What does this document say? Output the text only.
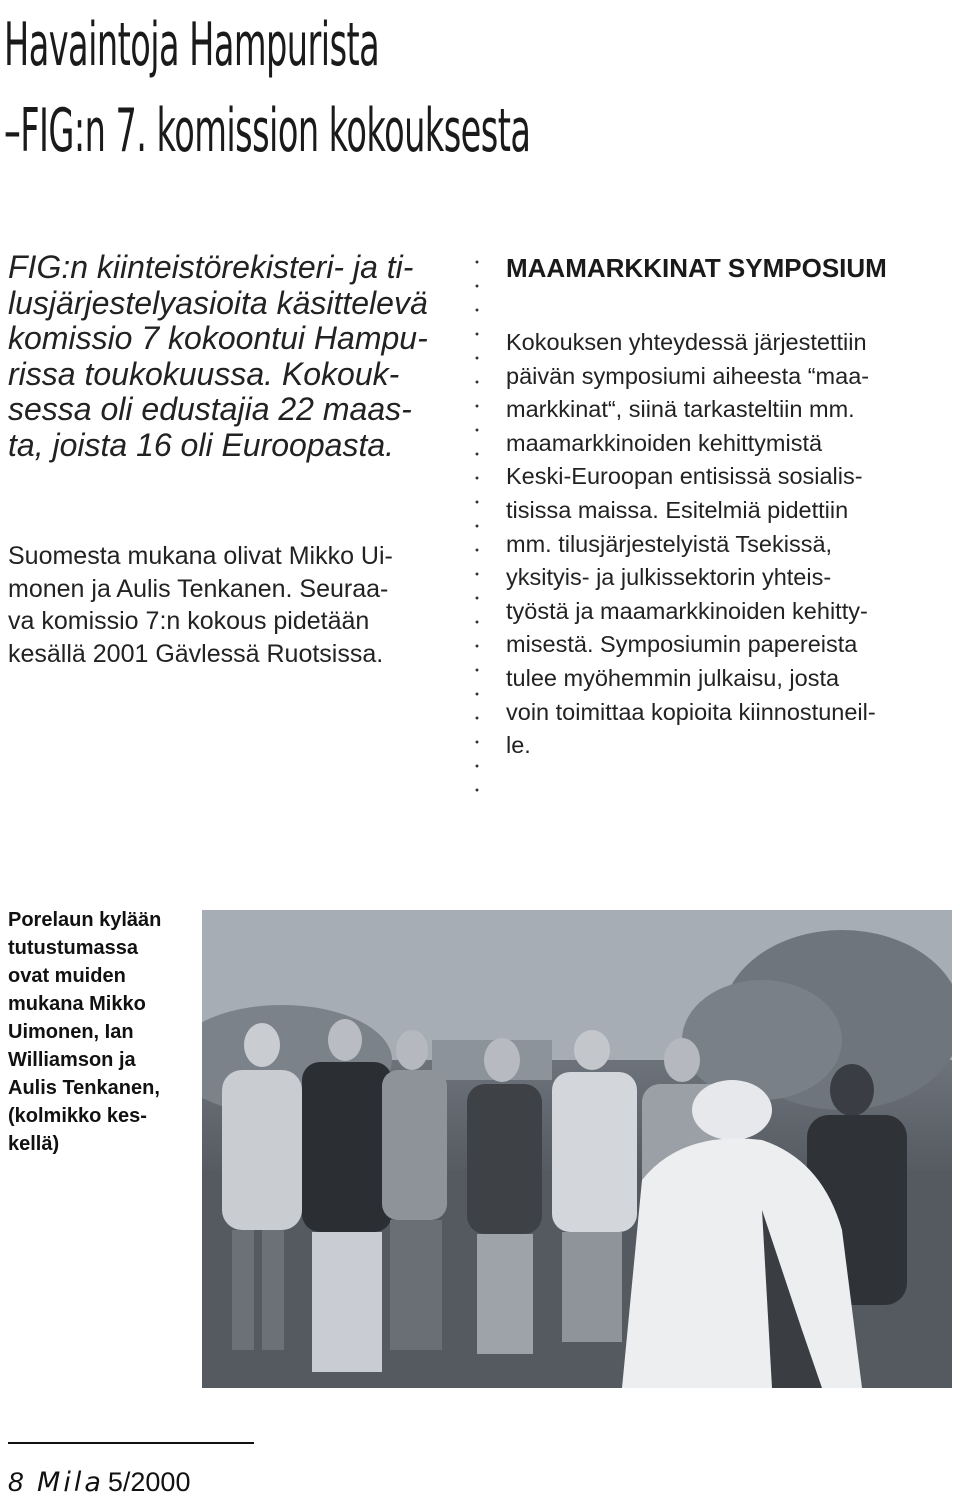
Havaintoja Hampurista
–FIG:n 7. komission kokouksesta
FIG:n kiinteistörekisteri- ja ti-
lusjärjestelyasioita käsittelevä
komissio 7 kokoontui Hampu-
rissa toukokuussa. Kokouk-
sessa oli edustajia 22 maas-
ta, joista 16 oli Euroopasta.
Suomesta mukana olivat Mikko Ui-
monen ja Aulis Tenkanen. Seuraa-
va komissio 7:n kokous pidetään
kesällä 2001 Gävlessä Ruotsissa.
MAAMARKKINAT SYMPOSIUM
Kokouksen yhteydessä järjestettiin
päivän symposiumi aiheesta “maa-
markkinat“, siinä tarkasteltiin mm.
maamarkkinoiden kehittymistä
Keski-Euroopan entisissä sosialis-
tisissa maissa. Esitelmiä pidettiin
mm. tilusjärjestelyistä Tsekissä,
yksityis- ja julkissektorin yhteis-
työstä ja maamarkkinoiden kehitty-
misestä. Symposiumin papereista
tulee myöhemmin julkaisu, josta
voin toimittaa kopioita kiinnostuneil-
le.
Porelaun kylään
tutustumassa
ovat muiden
mukana Mikko
Uimonen, Ian
Williamson ja
Aulis Tenkanen,
(kolmikko kes-
kellä)
8 Mila 5/2000
